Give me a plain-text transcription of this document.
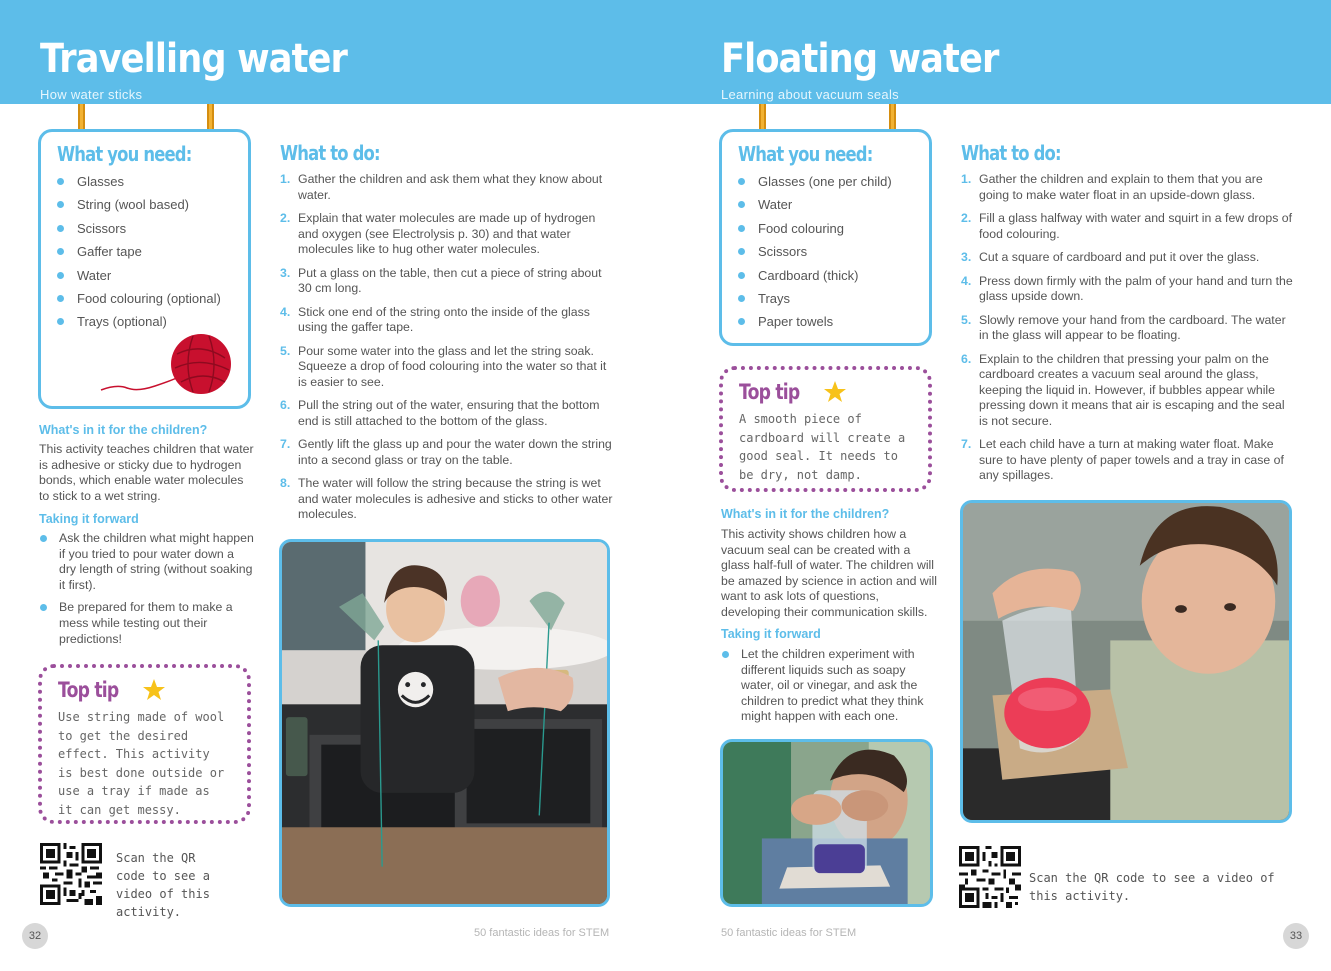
Travelling water
How water sticks
Floating water
Learning about vacuum seals
What you need:
Glasses
String (wool based)
Scissors
Gaffer tape
Water
Food colouring (optional)
Trays (optional)
What to do:
1. Gather the children and ask them what they know about water.
2. Explain that water molecules are made up of hydrogen and oxygen (see Electrolysis p. 30) and that water molecules like to hug other water molecules.
3. Put a glass on the table, then cut a piece of string about 30 cm long.
4. Stick one end of the string onto the inside of the glass using the gaffer tape.
5. Pour some water into the glass and let the string soak. Squeeze a drop of food colouring into the water so that it is easier to see.
6. Pull the string out of the water, ensuring that the bottom end is still attached to the bottom of the glass.
7. Gently lift the glass up and pour the water down the string into a second glass or tray on the table.
8. The water will follow the string because the string is wet and water molecules is adhesive and sticks to other water molecules.
What's in it for the children?
This activity teaches children that water is adhesive or sticky due to hydrogen bonds, which enable water molecules to stick to a wet string.
Taking it forward
Ask the children what might happen if you tried to pour water down a dry length of string (without soaking it first).
Be prepared for them to make a mess while testing out their predictions!
Top tip
Use string made of wool to get the desired effect. This activity is best done outside or use a tray if made as it can get messy.
Scan the QR code to see a video of this activity.
32	50 fantastic ideas for STEM
What you need:
Glasses (one per child)
Water
Food colouring
Scissors
Cardboard (thick)
Trays
Paper towels
Top tip
A smooth piece of cardboard will create a good seal. It needs to be dry, not damp.
What's in it for the children?
This activity shows children how a vacuum seal can be created with a glass half-full of water. The children will be amazed by science in action and will want to ask lots of questions, developing their communication skills.
Taking it forward
Let the children experiment with different liquids such as soapy water, oil or vinegar, and ask the children to predict what they think might happen with each one.
What to do:
1. Gather the children and explain to them that you are going to make water float in an upside-down glass.
2. Fill a glass halfway with water and squirt in a few drops of food colouring.
3. Cut a square of cardboard and put it over the glass.
4. Press down firmly with the palm of your hand and turn the glass upside down.
5. Slowly remove your hand from the cardboard. The water in the glass will appear to be floating.
6. Explain to the children that pressing your palm on the cardboard creates a vacuum seal around the glass, keeping the liquid in. However, if bubbles appear while pressing down it means that air is escaping and the seal is not secure.
7. Let each child have a turn at making water float. Make sure to have plenty of paper towels and a tray in case of any spillages.
Scan the QR code to see a video of this activity.
50 fantastic ideas for STEM	33
